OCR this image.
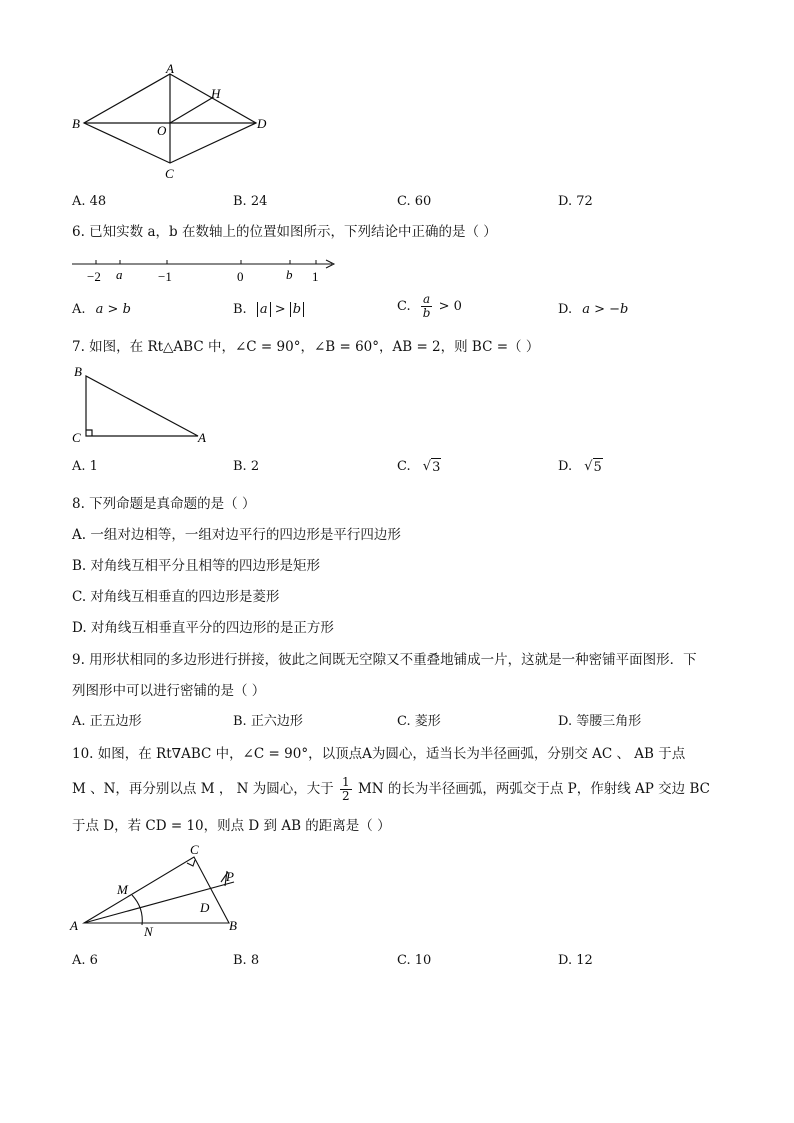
A
B
C
D
O
H
A. 48	B. 24	C. 60	D. 72
6. 已知实数 a，b 在数轴上的位置如图所示，下列结论中正确的是（ ）
−2 a	−1	0	b 1
A. a > b	B. a > b	C. $\frac{a}{b} > 0$	D. a > −b
7. 如图，在 Rt△ABC 中，∠C = 90°，∠B = 60°，AB = 2，则 BC =（ ）
B
C	A
A. 1	B. 2	C. √ 3	D. √ 5
8. 下列命题是真命题的是（ ）
A. 一组对边相等，一组对边平行的四边形是平行四边形
B. 对角线互相平分且相等的四边形是矩形
C. 对角线互相垂直的四边形是菱形
D. 对角线互相垂直平分的四边形的是正方形
9. 用形状相同的多边形进行拼接，彼此之间既无空隙又不重叠地铺成一片，这就是一种密铺平面图形．下
列图形中可以进行密铺的是（ ）
A. 正五边形	B. 正六边形	C. 菱形	D. 等腰三角形
10. 如图，在 Rt∇ABC 中，∠C = 90°，以顶点A为圆心，适当长为半径画弧，分别交 AC 、 AB 于点
M 、N，再分别以点 M ， N 为圆心，大于 $\frac{1}{2}$ MN 的长为半径画弧，两弧交于点 P，作射线 AP 交边 BC
于点 D，若 CD = 10，则点 D 到 AB 的距离是（ ）
C
P
M
D
A	N	B
A. 6	B. 8	C. 10	D. 12
